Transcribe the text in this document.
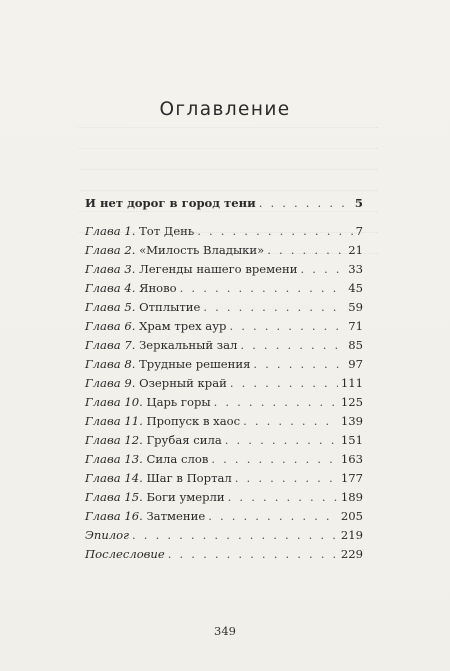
Оглавление
И нет дорог в город тени . . .	5
Глава 1. Тот День . . .	7
Глава 2. «Милость Владыки» . . .	21
Глава 3. Легенды нашего времени . . .	33
Глава 4. Яново . . .	45
Глава 5. Отплытие . . .	59
Глава 6. Храм трех аур . . .	71
Глава 7. Зеркальный зал . . .	85
Глава 8. Трудные решения . . .	97
Глава 9. Озерный край . . .	111
Глава 10. Царь горы . . .	125
Глава 11. Пропуск в хаос . . .	139
Глава 12. Грубая сила . . .	151
Глава 13. Сила слов . . .	163
Глава 14. Шаг в Портал . . .	177
Глава 15. Боги умерли . . .	189
Глава 16. Затмение . . .	205
Эпилог . . .	219
Послесловие . . .	229
349
